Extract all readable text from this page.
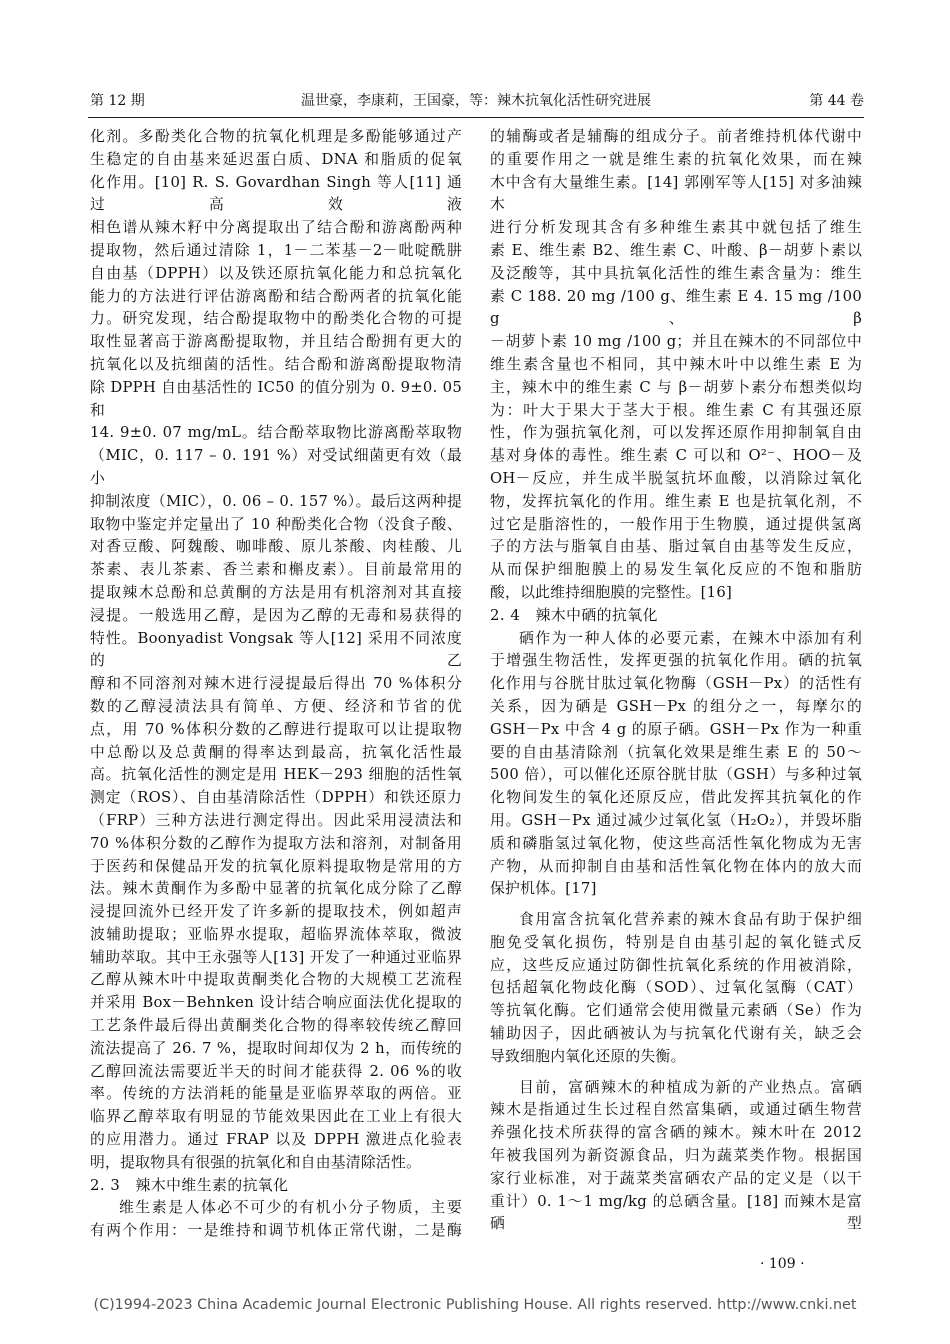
第 12 期	温世豪，李康莉，王国豪，等：辣木抗氧化活性研究进展	第 44 卷

化剂。多酚类化合物的抗氧化机理是多酚能够通过产

生稳定的自由基来延迟蛋白质、DNA 和脂质的促氧

化作用。[10] R. S. Govardhan Singh 等人[11] 通过高效液

相色谱从辣木籽中分离提取出了结合酚和游离酚两种

提取物，然后通过清除 1，1－二苯基－2－吡啶酰肼

自由基（DPPH）以及铁还原抗氧化能力和总抗氧化

能力的方法进行评估游离酚和结合酚两者的抗氧化能

力。研究发现，结合酚提取物中的酚类化合物的可提

取性显著高于游离酚提取物，并且结合酚拥有更大的

抗氧化以及抗细菌的活性。结合酚和游离酚提取物清

除 DPPH 自由基活性的 IC50 的值分别为 0. 9±0. 05 和

14. 9±0. 07 mg/mL。结合酚萃取物比游离酚萃取物

（MIC，0. 117 – 0. 191 %）对受试细菌更有效（最小

抑制浓度（MIC），0. 06 – 0. 157 %）。最后这两种提

取物中鉴定并定量出了 10 种酚类化合物（没食子酸、

对香豆酸、阿魏酸、咖啡酸、原儿茶酸、肉桂酸、儿

茶素、表儿茶素、香兰素和槲皮素）。目前最常用的

提取辣木总酚和总黄酮的方法是用有机溶剂对其直接

浸提。一般选用乙醇，是因为乙醇的无毒和易获得的

特性。Boonyadist Vongsak 等人[12] 采用不同浓度的乙

醇和不同溶剂对辣木进行浸提最后得出 70 %体积分

数的乙醇浸渍法具有简单、方便、经济和节省的优

点，用 70 %体积分数的乙醇进行提取可以让提取物

中总酚以及总黄酮的得率达到最高，抗氧化活性最

高。抗氧化活性的测定是用 HEK－293 细胞的活性氧

测定（ROS）、自由基清除活性（DPPH）和铁还原力

（FRP）三种方法进行测定得出。因此采用浸渍法和

70 %体积分数的乙醇作为提取方法和溶剂，对制备用

于医药和保健品开发的抗氧化原料提取物是常用的方

法。辣木黄酮作为多酚中显著的抗氧化成分除了乙醇

浸提回流外已经开发了许多新的提取技术，例如超声

波辅助提取；亚临界水提取，超临界流体萃取，微波

辅助萃取。其中王永强等人[13] 开发了一种通过亚临界

乙醇从辣木叶中提取黄酮类化合物的大规模工艺流程

并采用 Box－Behnken 设计结合响应面法优化提取的

工艺条件最后得出黄酮类化合物的得率较传统乙醇回

流法提高了 26. 7 %，提取时间却仅为 2 h，而传统的

乙醇回流法需要近半天的时间才能获得 2. 06 %的收

率。传统的方法消耗的能量是亚临界萃取的两倍。亚

临界乙醇萃取有明显的节能效果因此在工业上有很大

的应用潜力。通过 FRAP 以及 DPPH 激进点化验表

明，提取物具有很强的抗氧化和自由基清除活性。

2. 3　辣木中维生素的抗氧化

维生素是人体必不可少的有机小分子物质，主要

有两个作用：一是维持和调节机体正常代谢，二是酶

的辅酶或者是辅酶的组成分子。前者维持机体代谢中

的重要作用之一就是维生素的抗氧化效果，而在辣

木中含有大量维生素。[14] 郭刚军等人[15] 对多油辣木

进行分析发现其含有多种维生素其中就包括了维生

素 E、维生素 B2、维生素 C、叶酸、β－胡萝卜素以

及泛酸等，其中具抗氧化活性的维生素含量为：维生

素 C 188. 20 mg /100 g、维生素 E 4. 15 mg /100 g、β

－胡萝卜素 10 mg /100 g；并且在辣木的不同部位中

维生素含量也不相同，其中辣木叶中以维生素 E 为

主，辣木中的维生素 C 与 β－胡萝卜素分布想类似均

为：叶大于果大于茎大于根。维生素 C 有其强还原

性，作为强抗氧化剂，可以发挥还原作用抑制氧自由

基对身体的毒性。维生素 C 可以和 O²⁻、HOO－及

OH－反应，并生成半脱氢抗坏血酸，以消除过氧化

物，发挥抗氧化的作用。维生素 E 也是抗氧化剂，不

过它是脂溶性的，一般作用于生物膜，通过提供氢离

子的方法与脂氧自由基、脂过氧自由基等发生反应，

从而保护细胞膜上的易发生氧化反应的不饱和脂肪

酸，以此维持细胞膜的完整性。[16]

2. 4　辣木中硒的抗氧化

硒作为一种人体的必要元素，在辣木中添加有利

于增强生物活性，发挥更强的抗氧化作用。硒的抗氧

化作用与谷胱甘肽过氧化物酶（GSH－Px）的活性有

关系，因为硒是 GSH－Px 的组分之一，每摩尔的

GSH－Px 中含 4 g 的原子硒。GSH－Px 作为一种重

要的自由基清除剂（抗氧化效果是维生素 E 的 50～

500 倍），可以催化还原谷胱甘肽（GSH）与多种过氧

化物间发生的氧化还原反应，借此发挥其抗氧化的作

用。GSH－Px 通过减少过氧化氢（H₂O₂），并毁坏脂

质和磷脂氢过氧化物，使这些高活性氧化物成为无害

产物，从而抑制自由基和活性氧化物在体内的放大而

保护机体。[17]

食用富含抗氧化营养素的辣木食品有助于保护细

胞免受氧化损伤，特别是自由基引起的氧化链式反

应，这些反应通过防御性抗氧化系统的作用被消除，

包括超氧化物歧化酶（SOD）、过氧化氢酶（CAT）

等抗氧化酶。它们通常会使用微量元素硒（Se）作为

辅助因子，因此硒被认为与抗氧化代谢有关，缺乏会

导致细胞内氧化还原的失衡。

目前，富硒辣木的种植成为新的产业热点。富硒

辣木是指通过生长过程自然富集硒，或通过硒生物营

养强化技术所获得的富含硒的辣木。辣木叶在 2012

年被我国列为新资源食品，归为蔬菜类作物。根据国

家行业标准，对于蔬菜类富硒农产品的定义是（以干

重计）0. 1～1 mg/kg 的总硒含量。[18] 而辣木是富硒型

· 109 ·
(C)1994-2023 China Academic Journal Electronic Publishing House. All rights reserved. http://www.cnki.net
